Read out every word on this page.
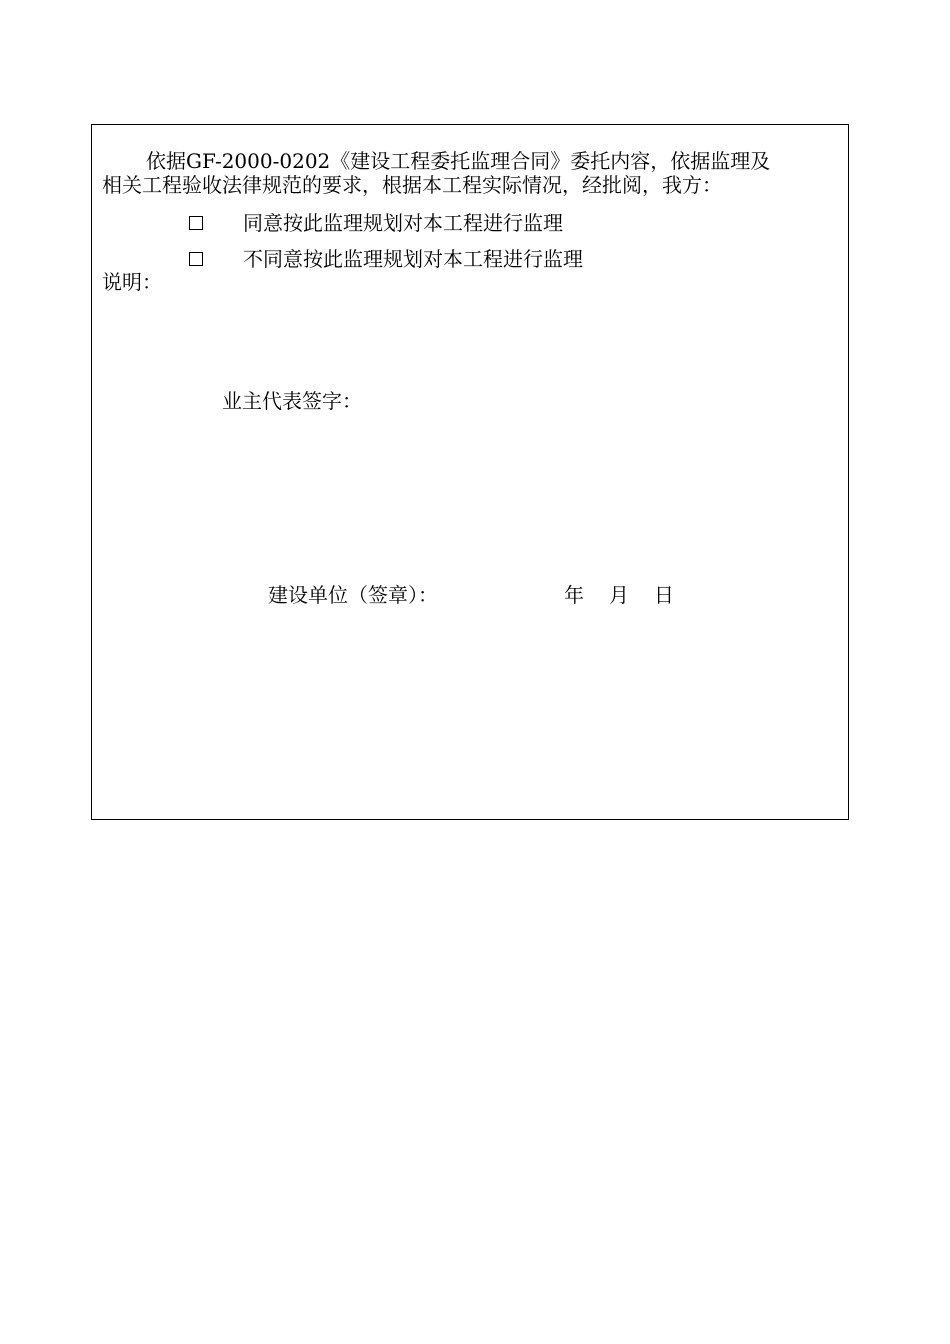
依据GF-2000-0202《建设工程委托监理合同》委托内容，依据监理及
相关工程验收法律规范的要求，根据本工程实际情况，经批阅，我方：
同意按此监理规划对本工程进行监理
不同意按此监理规划对本工程进行监理
说明：
业主代表签字：
建设单位（签章）：	年 月 日
